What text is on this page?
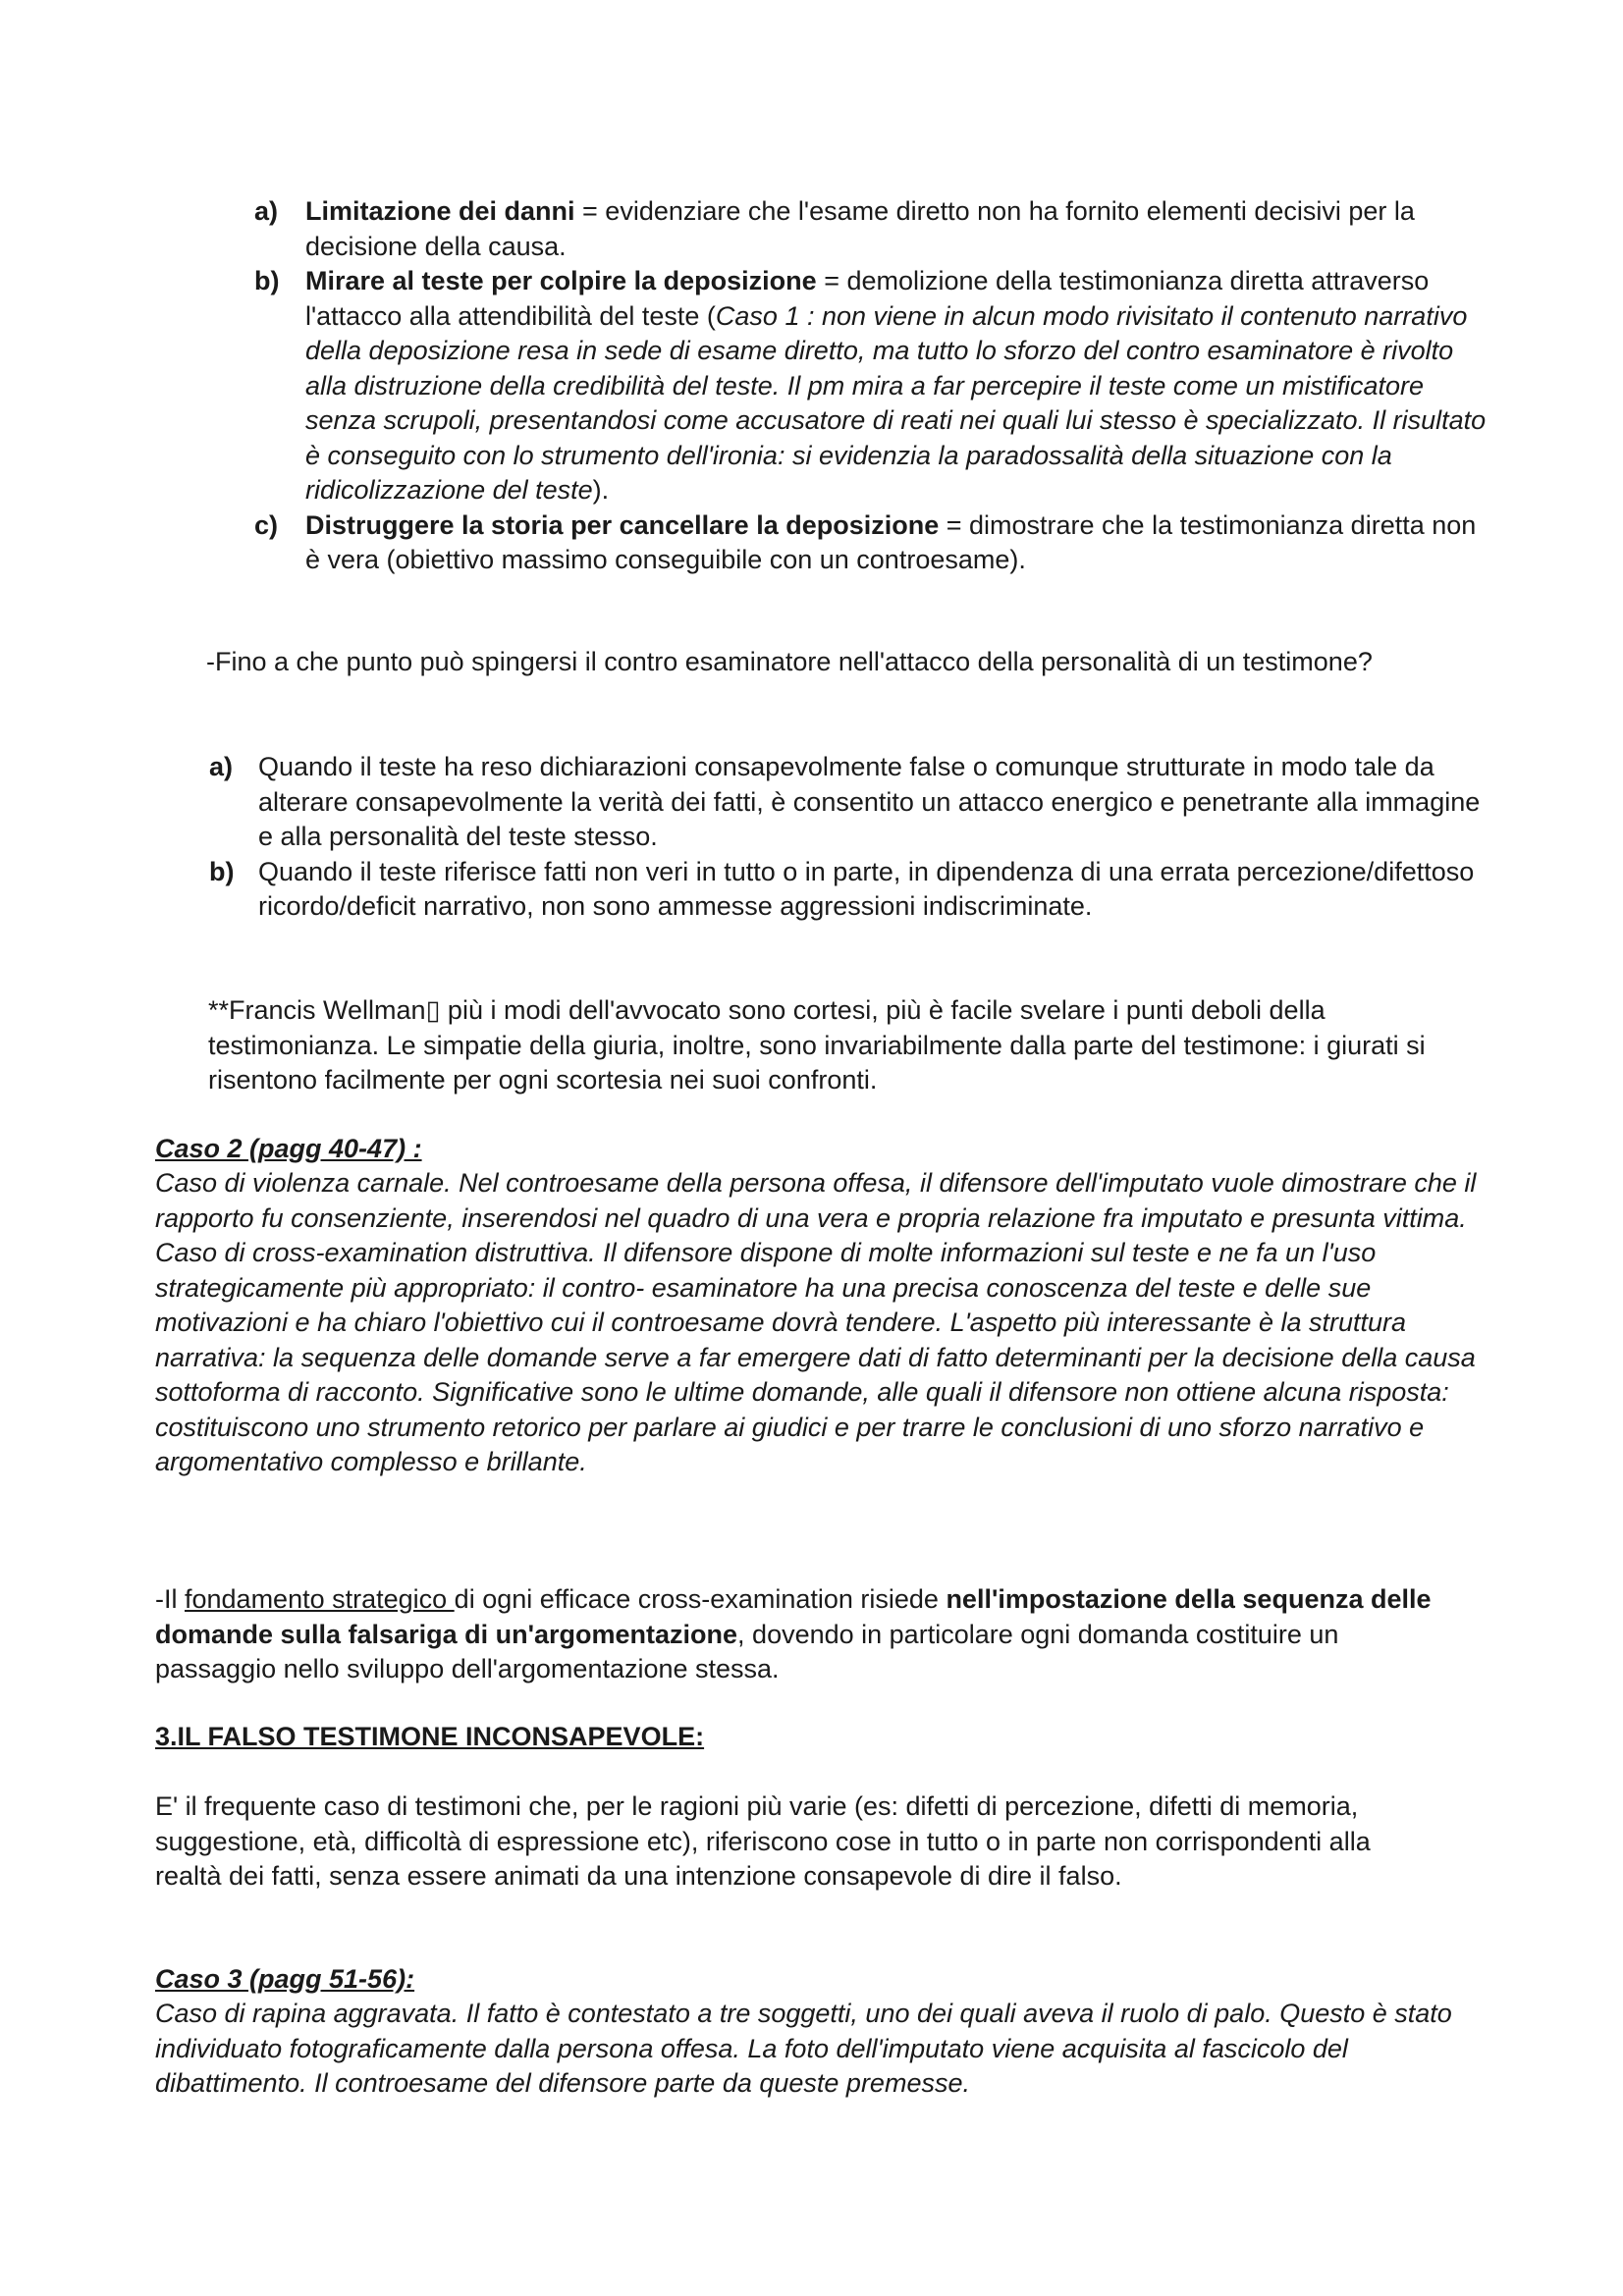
a) Limitazione dei danni = evidenziare che l'esame diretto non ha fornito elementi decisivi per la decisione della causa.
b) Mirare al teste per colpire la deposizione = demolizione della testimonianza diretta attraverso l'attacco alla attendibilità del teste (Caso 1 : non viene in alcun modo rivisitato il contenuto narrativo della deposizione resa in sede di esame diretto, ma tutto lo sforzo del contro esaminatore è rivolto alla distruzione della credibilità del teste. Il pm mira a far percepire il teste come un mistificatore senza scrupoli, presentandosi come accusatore di reati nei quali lui stesso è specializzato. Il risultato è conseguito con lo strumento dell'ironia: si evidenzia la paradossalità della situazione con la ridicolizzazione del teste).
c) Distruggere la storia per cancellare la deposizione = dimostrare che la testimonianza diretta non è vera (obiettivo massimo conseguibile con un controesame).

-Fino a che punto può spingersi il contro esaminatore nell'attacco della personalità di un testimone?

a) Quando il teste ha reso dichiarazioni consapevolmente false o comunque strutturate in modo tale da alterare consapevolmente la verità dei fatti, è consentito un attacco energico e penetrante alla immagine e alla personalità del teste stesso.
b) Quando il teste riferisce fatti non veri in tutto o in parte, in dipendenza di una errata percezione/difettoso ricordo/deficit narrativo, non sono ammesse aggressioni indiscriminate.

**Francis Wellman▯ più i modi dell'avvocato sono cortesi, più è facile svelare i punti deboli della testimonianza. Le simpatie della giuria, inoltre, sono invariabilmente dalla parte del testimone: i giurati si risentono facilmente per ogni scortesia nei suoi confronti.

Caso 2 (pagg 40-47) :

Caso di violenza carnale. Nel controesame della persona offesa, il difensore dell'imputato vuole dimostrare che il rapporto fu consenziente, inserendosi nel quadro di una vera e propria relazione fra imputato e presunta vittima. Caso di cross-examination distruttiva. Il difensore dispone di molte informazioni sul teste e ne fa un l'uso strategicamente più appropriato: il contro- esaminatore ha una precisa conoscenza del teste e delle sue motivazioni e ha chiaro l'obiettivo cui il controesame dovrà tendere. L'aspetto più interessante è la struttura narrativa: la sequenza delle domande serve a far emergere dati di fatto determinanti per la decisione della causa sottoforma di racconto. Significative sono le ultime domande, alle quali il difensore non ottiene alcuna risposta: costituiscono uno strumento retorico per parlare ai giudici e per trarre le conclusioni di uno sforzo narrativo e argomentativo complesso e brillante.

-Il fondamento strategico di ogni efficace cross-examination risiede nell'impostazione della sequenza delle domande sulla falsariga di un'argomentazione, dovendo in particolare ogni domanda costituire un passaggio nello sviluppo dell'argomentazione stessa.

3.IL FALSO TESTIMONE INCONSAPEVOLE:

E' il frequente caso di testimoni che, per le ragioni più varie (es: difetti di percezione, difetti di memoria, suggestione, età, difficoltà di espressione etc), riferiscono cose in tutto o in parte non corrispondenti alla realtà dei fatti, senza essere animati da una intenzione consapevole di dire il falso.

Caso 3 (pagg 51-56):

Caso di rapina aggravata. Il fatto è contestato a tre soggetti, uno dei quali aveva il ruolo di palo. Questo è stato individuato fotograficamente dalla persona offesa. La foto dell'imputato viene acquisita al fascicolo del dibattimento. Il controesame del difensore parte da queste premesse.
